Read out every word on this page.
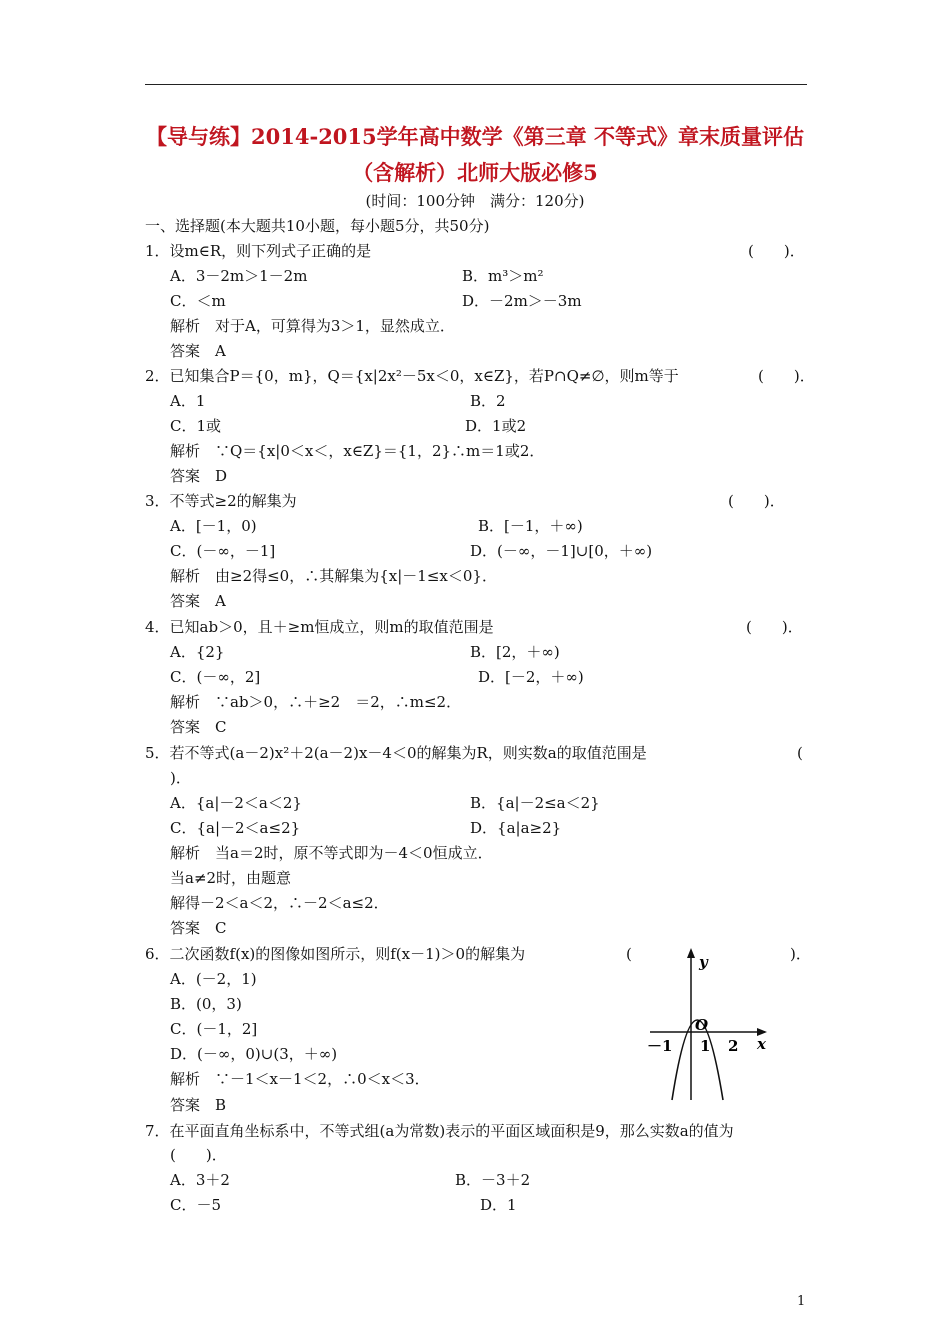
【导与练】2014-2015学年高中数学《第三章 不等式》章末质量评估
（含解析）北师大版必修5
(时间：100分钟　满分：120分)
一、选择题(本大题共10小题，每小题5分，共50分)
1．设m∈R，则下列式子正确的是	(　　)．
A．3－2m＞1－2m	B．m³＞m²
C．＜m	D．－2m＞－3m
解析　对于A，可算得为3＞1，显然成立．
答案　A
2．已知集合P＝{0，m}，Q＝{x|2x²－5x＜0，x∈Z}，若P∩Q≠∅，则m等于	(　　)．
A．1	B．2
C．1或	D．1或2
解析　∵Q＝{x|0＜x＜，x∈Z}＝{1，2}∴m＝1或2．
答案　D
3．不等式≥2的解集为	(　　)．
A．[－1，0)	B．[－1，＋∞)
C．(－∞，－1]	D．(－∞，－1]∪[0，＋∞)
解析　由≥2得≤0，∴其解集为{x|－1≤x＜0}．
答案　A
4．已知ab＞0，且＋≥m恒成立，则m的取值范围是	(　　)．
A．{2}	B．[2，＋∞)
C．(－∞，2]	D．[－2，＋∞)
解析　∵ab＞0，∴＋≥2　＝2，∴m≤2．
答案　C
5．若不等式(a－2)x²＋2(a－2)x－4＜0的解集为R，则实数a的取值范围是	(
)．
A．{a|－2＜a＜2}	B．{a|－2≤a＜2}
C．{a|－2＜a≤2}	D．{a|a≥2}
解析　当a＝2时，原不等式即为－4＜0恒成立．
当a≠2时，由题意
解得－2＜a＜2，∴－2＜a≤2．
答案　C
6．二次函数f(x)的图像如图所示，则f(x－1)＞0的解集为	(	)．
A．(－2，1)
B．(0，3)
C．(－1，2]
D．(－∞，0)∪(3，＋∞)
解析　∵－1＜x－1＜2，∴0＜x＜3．
答案　B
y
x
O
－1 1 2
7．在平面直角坐标系中，不等式组(a为常数)表示的平面区域面积是9，那么实数a的值为
(　　)．
A．3＋2	B．－3＋2
C．－5	D．1
1
